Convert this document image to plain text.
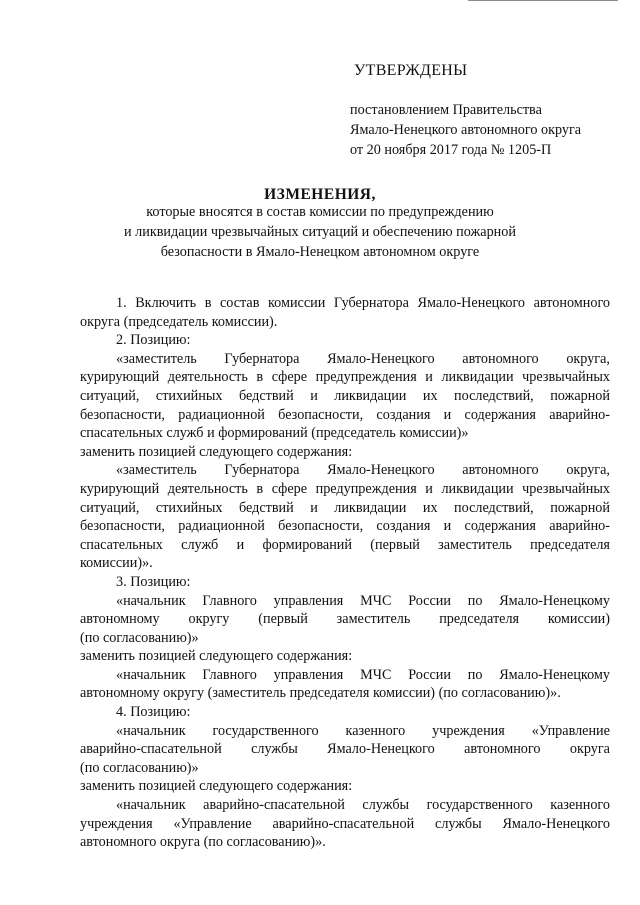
УТВЕРЖДЕНЫ
постановлением Правительства
Ямало-Ненецкого автономного округа
от 20 ноября 2017 года № 1205-П
ИЗМЕНЕНИЯ,
которые вносятся в состав комиссии по предупреждению
и ликвидации чрезвычайных ситуаций и обеспечению пожарной
безопасности в Ямало-Ненецком автономном округе
1. Включить в состав комиссии Губернатора Ямало-Ненецкого автономного
округа (председатель комиссии).
2. Позицию:
«заместитель Губернатора Ямало-Ненецкого автономного округа,
курирующий деятельность в сфере предупреждения и ликвидации чрезвычайных
ситуаций, стихийных бедствий и ликвидации их последствий, пожарной
безопасности, радиационной безопасности, создания и содержания аварийно-
спасательных служб и формирований (председатель комиссии)»
заменить позицией следующего содержания:
«заместитель Губернатора Ямало-Ненецкого автономного округа,
курирующий деятельность в сфере предупреждения и ликвидации чрезвычайных
ситуаций, стихийных бедствий и ликвидации их последствий, пожарной
безопасности, радиационной безопасности, создания и содержания аварийно-
спасательных служб и формирований (первый заместитель председателя
комиссии)».
3. Позицию:
«начальник Главного управления МЧС России по Ямало-Ненецкому
автономному округу (первый заместитель председателя комиссии)
(по согласованию)»
заменить позицией следующего содержания:
«начальник Главного управления МЧС России по Ямало-Ненецкому
автономному округу (заместитель председателя комиссии) (по согласованию)».
4. Позицию:
«начальник государственного казенного учреждения «Управление
аварийно-спасательной службы Ямало-Ненецкого автономного округа
(по согласованию)»
заменить позицией следующего содержания:
«начальник аварийно-спасательной службы государственного казенного
учреждения «Управление аварийно-спасательной службы Ямало-Ненецкого
автономного округа (по согласованию)».
